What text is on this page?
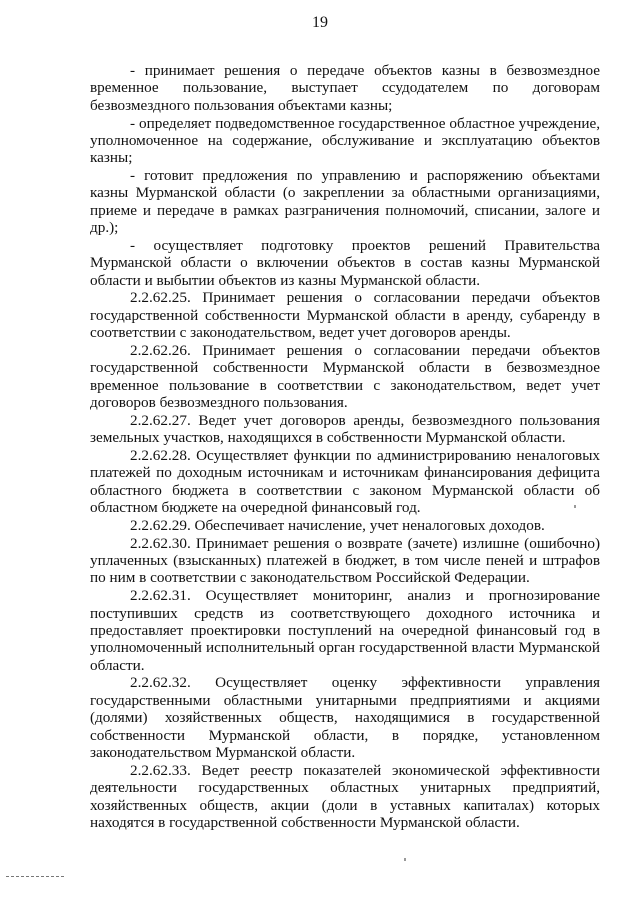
19

- принимает решения о передаче объектов казны в безвозмездное временное пользование, выступает ссудодателем по договорам безвозмездного пользования объектами казны;

- определяет подведомственное государственное областное учреждение, уполномоченное на содержание, обслуживание и эксплуатацию объектов казны;

- готовит предложения по управлению и распоряжению объектами казны Мурманской области (о закреплении за областными организациями, приеме и передаче в рамках разграничения полномочий, списании, залоге и др.);

- осуществляет подготовку проектов решений Правительства Мурманской области о включении объектов в состав казны Мурманской области и выбытии объектов из казны Мурманской области.

2.2.62.25. Принимает решения о согласовании передачи объектов государственной собственности Мурманской области в аренду, субаренду в соответствии с законодательством, ведет учет договоров аренды.

2.2.62.26. Принимает решения о согласовании передачи объектов государственной собственности Мурманской области в безвозмездное временное пользование в соответствии с законодательством, ведет учет договоров безвозмездного пользования.

2.2.62.27. Ведет учет договоров аренды, безвозмездного пользования земельных участков, находящихся в собственности Мурманской области.

2.2.62.28. Осуществляет функции по администрированию неналоговых платежей по доходным источникам и источникам финансирования дефицита областного бюджета в соответствии с законом Мурманской области об областном бюджете на очередной финансовый год.

2.2.62.29. Обеспечивает начисление, учет неналоговых доходов.

2.2.62.30. Принимает решения о возврате (зачете) излишне (ошибочно) уплаченных (взысканных) платежей в бюджет, в том числе пеней и штрафов по ним в соответствии с законодательством Российской Федерации.

2.2.62.31. Осуществляет мониторинг, анализ и прогнозирование поступивших средств из соответствующего доходного источника и предоставляет проектировки поступлений на очередной финансовый год в уполномоченный исполнительный орган государственной власти Мурманской области.

2.2.62.32. Осуществляет оценку эффективности управления государственными областными унитарными предприятиями и акциями (долями) хозяйственных обществ, находящимися в государственной собственности Мурманской области, в порядке, установленном законодательством Мурманской области.

2.2.62.33. Ведет реестр показателей экономической эффективности деятельности государственных областных унитарных предприятий, хозяйственных обществ, акции (доли в уставных капиталах) которых находятся в государственной собственности Мурманской области.
